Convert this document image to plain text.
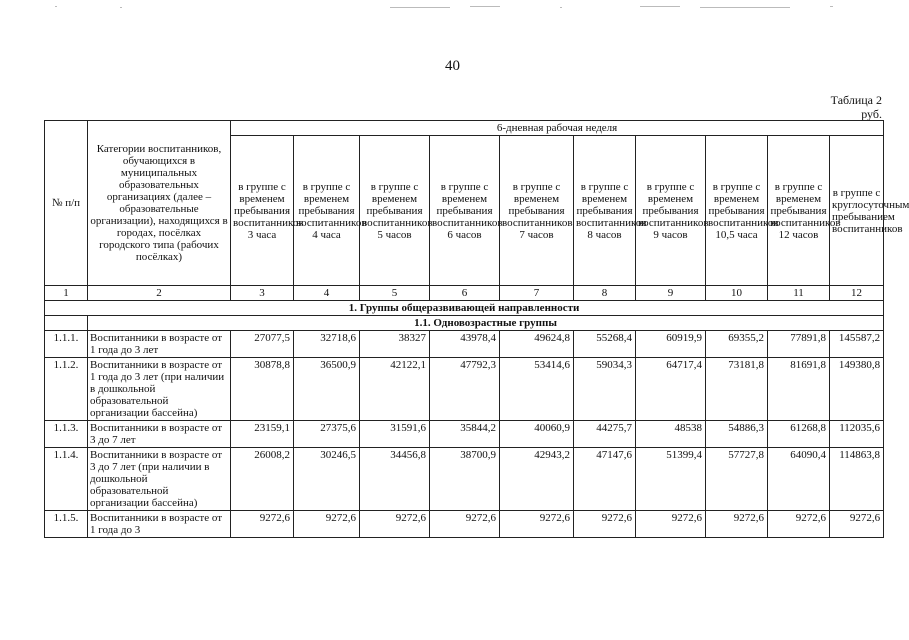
40
Таблица 2
руб.
№ п/п	Категории воспитанников, обучающихся в муниципальных образовательных организациях (далее – образовательные организации), находящихся в городах, посёлках городского типа (рабочих посёлках)	6-дневная рабочая неделя									
		в группе с временем пребывания воспитанников 3 часа	в группе с временем пребывания воспитанников 4 часа	в группе с временем пребывания воспитанников 5 часов	в группе с временем пребывания воспитанников 6 часов	в группе с временем пребывания воспитанников 7 часов	в группе с временем пребывания воспитанников 8 часов	в группе с временем пребывания воспитанников 9 часов	в группе с временем пребывания воспитанников 10,5 часа	в группе с временем пребывания воспитанников 12 часов	в группе с круглосуточным пребыванием воспитанников
1	2	3	4	5	6	7	8	9	10	11	12
1. Группы общеразвивающей направленности											
	1.1. Одновозрастные группы										
1.1.1.	Воспитанники в возрасте от 1 года до 3 лет	27077,5	32718,6	38327	43978,4	49624,8	55268,4	60919,9	69355,2	77891,8	145587,2
1.1.2.	Воспитанники в возрасте от 1 года до 3 лет (при наличии в дошкольной образовательной организации бассейна)	30878,8	36500,9	42122,1	47792,3	53414,6	59034,3	64717,4	73181,8	81691,8	149380,8
1.1.3.	Воспитанники в возрасте от 3 до 7 лет	23159,1	27375,6	31591,6	35844,2	40060,9	44275,7	48538	54886,3	61268,8	112035,6
1.1.4.	Воспитанники в возрасте от 3 до 7 лет (при наличии в дошкольной образовательной организации бассейна)	26008,2	30246,5	34456,8	38700,9	42943,2	47147,6	51399,4	57727,8	64090,4	114863,8
1.1.5.	Воспитанники в возрасте от 1 года до 3	9272,6	9272,6	9272,6	9272,6	9272,6	9272,6	9272,6	9272,6	9272,6	9272,6
